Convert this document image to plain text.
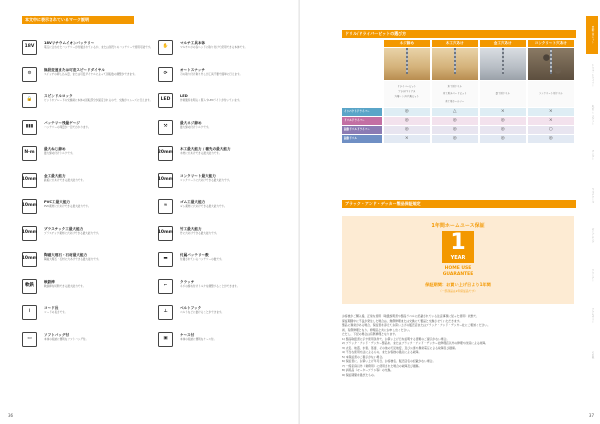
本文中に表示されているマーク説明
18V
18Vリチウムイオンバッテリー
電圧に合わせたバッテリーが付属されているか、または別売りのバッテリーで使用可能です。
⚙
無段変速または可変スピードダイヤル
スイッチの押し込み量、または可変ダイヤルによって回転数の調整ができます。
🔒
スピンドルロック
ビットやブレードの交換時に本体の回転部分が固定されるので、交換がスムーズに行えます。
▮▮▮
バッテリー残量ゲージ
バッテリーの残量が一目でわかります。
N·m
最大ねじ締め
最大締め付けトルクです。
10mm
金工最大能力
鉄板に穴あけできる最大能力です。
10mm
PVC工最大能力
PVC素材に穴あけできる最大能力です。
10mm
プラスチック工最大能力
プラスチック素材に穴あけできる最大能力です。
10mm
陶磁大理石・石材最大能力
陶磁大理石・石材に穴あけできる最大能力です。
軟鉄
軟鉄棒
軟鉄棒を切断できる最大能力です。
⌇
コード長
コードの長さです。
▭
ソフトバッグ付
本体の収納に便利なソフトバッグ付。
✋
マルチ工具本体
マルチエボの各ヘッドに取り付けて使用できる本体です。
⟳
オートスナッチ
刃の取り付け取り外しが工具不要で簡単に行えます。
LED
LED
作業箇所を明るく照らすLEDライトが付いています。
⚒
最大ネジ締め
最大締め付けトルクです。
20mm
木工最大能力 / 穂先の最大能力
木材に穴あけできる最大能力です。
10mm
コンクリート最大能力
コンクリートに穴あけできる最大能力です。
≈
ゴム工最大能力
ゴム素材に穴あけできる最大能力です。
10mm
竹工最大能力
竹に穴あけできる最大能力です。
▬
付属バッテリー数
付属されているバッテリーの数です。
⌐
クラッチ
ネジの締め付けトルクを調整することができます。
⊥
ベルトフック
ベルトなどに掛けることができます。
▣
ケース付
本体の収納に便利なケース付。
36
ドリル/ドライバービットの選び方
ブラック・アンド・デッカー製品保証規定
37
ネジ締め	木工穴あけ	金工穴あけ	コンクリート穴あけ
ドライバービット
プラス/マイナス
六角レンチ/六角ビット
木工用ドリル
木工用スペードビット
木工用ホールソー
鉄工用ドリル	コンクリート用ドリル
インパクトドライバー	◎	△	×	×
ドリルドライバー	◎	◎	◎	×
振動ドリルドライバー	◎	◎	◎	○
振動ドリル	×	◎	◎	◎
1年間ホームユース保証
1
YEAR
HOME USE
GUARANTEE
保証期間：お買い上げ日より1年間
（一部商品は2年保証品です）

お客様がご購入後、正常な使用（取扱説明書や製品ラベルに記載されている注意事項に従った使用）状態で、

保証期間中に不良が発生した場合は、無償修理または交換にて製品と交換させていただきます。

製品に異常がある場合、保証書を添えてお買い上げの販売店またはブラック・アンド・デッカー社にご相談ください。

尚、有償修理となり、修理品と共にお申し出ください。

ただし、下記の場合は有償修理となります。

1) 製品取扱書に示す使用条件で、お買い上げ日を証明する書類のご提示がない場合。

2) ブラック・アンド・デッカー製品を、またはブラック・アンド・デッカー社修理店以外の修理や改造による故障。

3) 火災、地震、水害、落雷、その他の天災地変、及び公害や異常電圧による故障及び損傷。

4) 不当な使用方法によるもの、またお客様の過失による故障。

5) 本保証書のご提示がない場合。

6) 保証書に、お買い上げ年月日、お客様名、販売店名の記載がない場合。

7) 一般家庭以外（業務用）に使用された場合の故障及び損傷。

8) 消耗品（モーターブラシ等）の交換。

9) 保証期間を過ぎたもの。

電動工具セット
ドリル・ドライバー
丸のこ・ジグソー
サンダー
マルチツール
ガーデニング
クリーナー
アクセサリー
その他
